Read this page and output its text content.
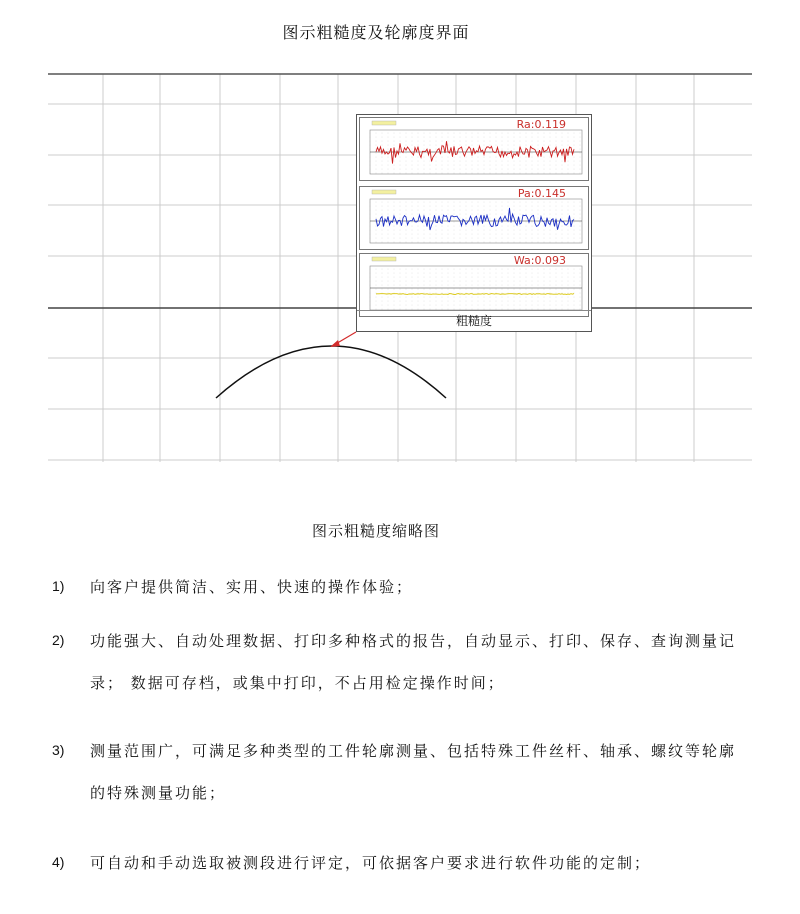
图示粗糙度及轮廓度界面
Ra:0.119
Pa:0.145
Wa:0.093
粗糙度
图示粗糙度缩略图
1) 向客户提供简洁、实用、快速的操作体验；
2) 功能强大、自动处理数据、打印多种格式的报告，自动显示、打印、保存、查询测量记录； 数据可存档，或集中打印，不占用检定操作时间；
3) 测量范围广，可满足多种类型的工件轮廓测量、包括特殊工件丝杆、轴承、螺纹等轮廓的特殊测量功能；
4) 可自动和手动选取被测段进行评定，可依据客户要求进行软件功能的定制；
